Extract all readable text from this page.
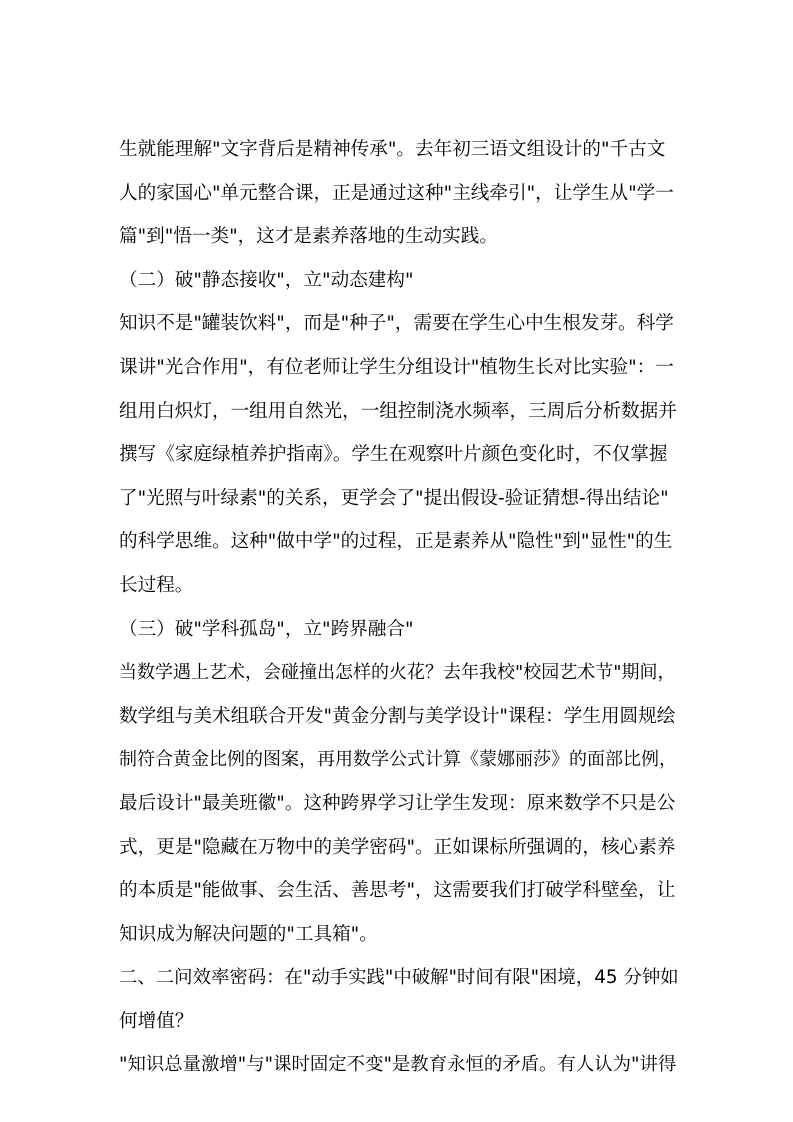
生就能理解"文字背后是精神传承"。去年初三语文组设计的"千古文
人的家国心"单元整合课，正是通过这种"主线牵引"，让学生从"学一
篇"到"悟一类"，这才是素养落地的生动实践。
（二）破"静态接收"，立"动态建构"
知识不是"罐装饮料"，而是"种子"，需要在学生心中生根发芽。科学
课讲"光合作用"，有位老师让学生分组设计"植物生长对比实验"：一
组用白炽灯，一组用自然光，一组控制浇水频率，三周后分析数据并
撰写《家庭绿植养护指南》。学生在观察叶片颜色变化时，不仅掌握
了"光照与叶绿素"的关系，更学会了"提出假设-验证猜想-得出结论"
的科学思维。这种"做中学"的过程，正是素养从"隐性"到"显性"的生
长过程。
（三）破"学科孤岛"，立"跨界融合"
当数学遇上艺术，会碰撞出怎样的火花？去年我校"校园艺术节"期间，
数学组与美术组联合开发"黄金分割与美学设计"课程：学生用圆规绘
制符合黄金比例的图案，再用数学公式计算《蒙娜丽莎》的面部比例，
最后设计"最美班徽"。这种跨界学习让学生发现：原来数学不只是公
式，更是"隐藏在万物中的美学密码"。正如课标所强调的，核心素养
的本质是"能做事、会生活、善思考"，这需要我们打破学科壁垒，让
知识成为解决问题的"工具箱"。
二、二问效率密码：在"动手实践"中破解"时间有限"困境，45 分钟如
何增值？
"知识总量激增"与"课时固定不变"是教育永恒的矛盾。有人认为"讲得
